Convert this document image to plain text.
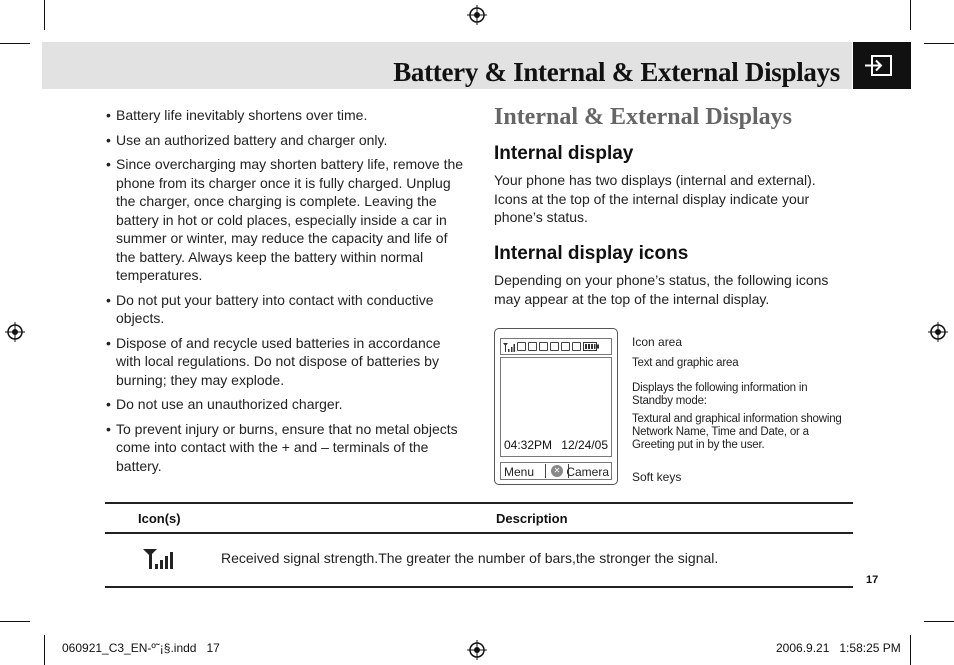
Battery & Internal & External Displays
• Battery life inevitably shortens over time.
• Use an authorized battery and charger only.
• Since overcharging may shorten battery life, remove the phone from its charger once it is fully charged. Unplug the charger, once charging is complete. Leaving the battery in hot or cold places, especially inside a car in summer or winter, may reduce the capacity and life of the battery. Always keep the battery within normal temperatures.
• Do not put your battery into contact with conductive objects.
• Dispose of and recycle used batteries in accordance with local regulations. Do not dispose of batteries by burning; they may explode.
• Do not use an unauthorized charger.
• To prevent injury or burns, ensure that no metal objects come into contact with the + and – terminals of the battery.
Internal & External Displays
Internal display
Your phone has two displays (internal and external). Icons at the top of the internal display indicate your phone’s status.
Internal display icons
Depending on your phone’s status, the following icons may appear at the top of the internal display.
04:32PM 12/24/05
Menu	✕ Camera
Icon area
Text and graphic area
Displays the following information in Standby mode:
Textural and graphical information showing Network Name, Time and Date, or a Greeting put in by the user.
Soft keys
Icon(s)	Description
Received signal strength.The greater the number of bars,the stronger the signal.
17
060921_C3_EN-º˜¡§.indd   17	2006.9.21   1:58:25 PM
